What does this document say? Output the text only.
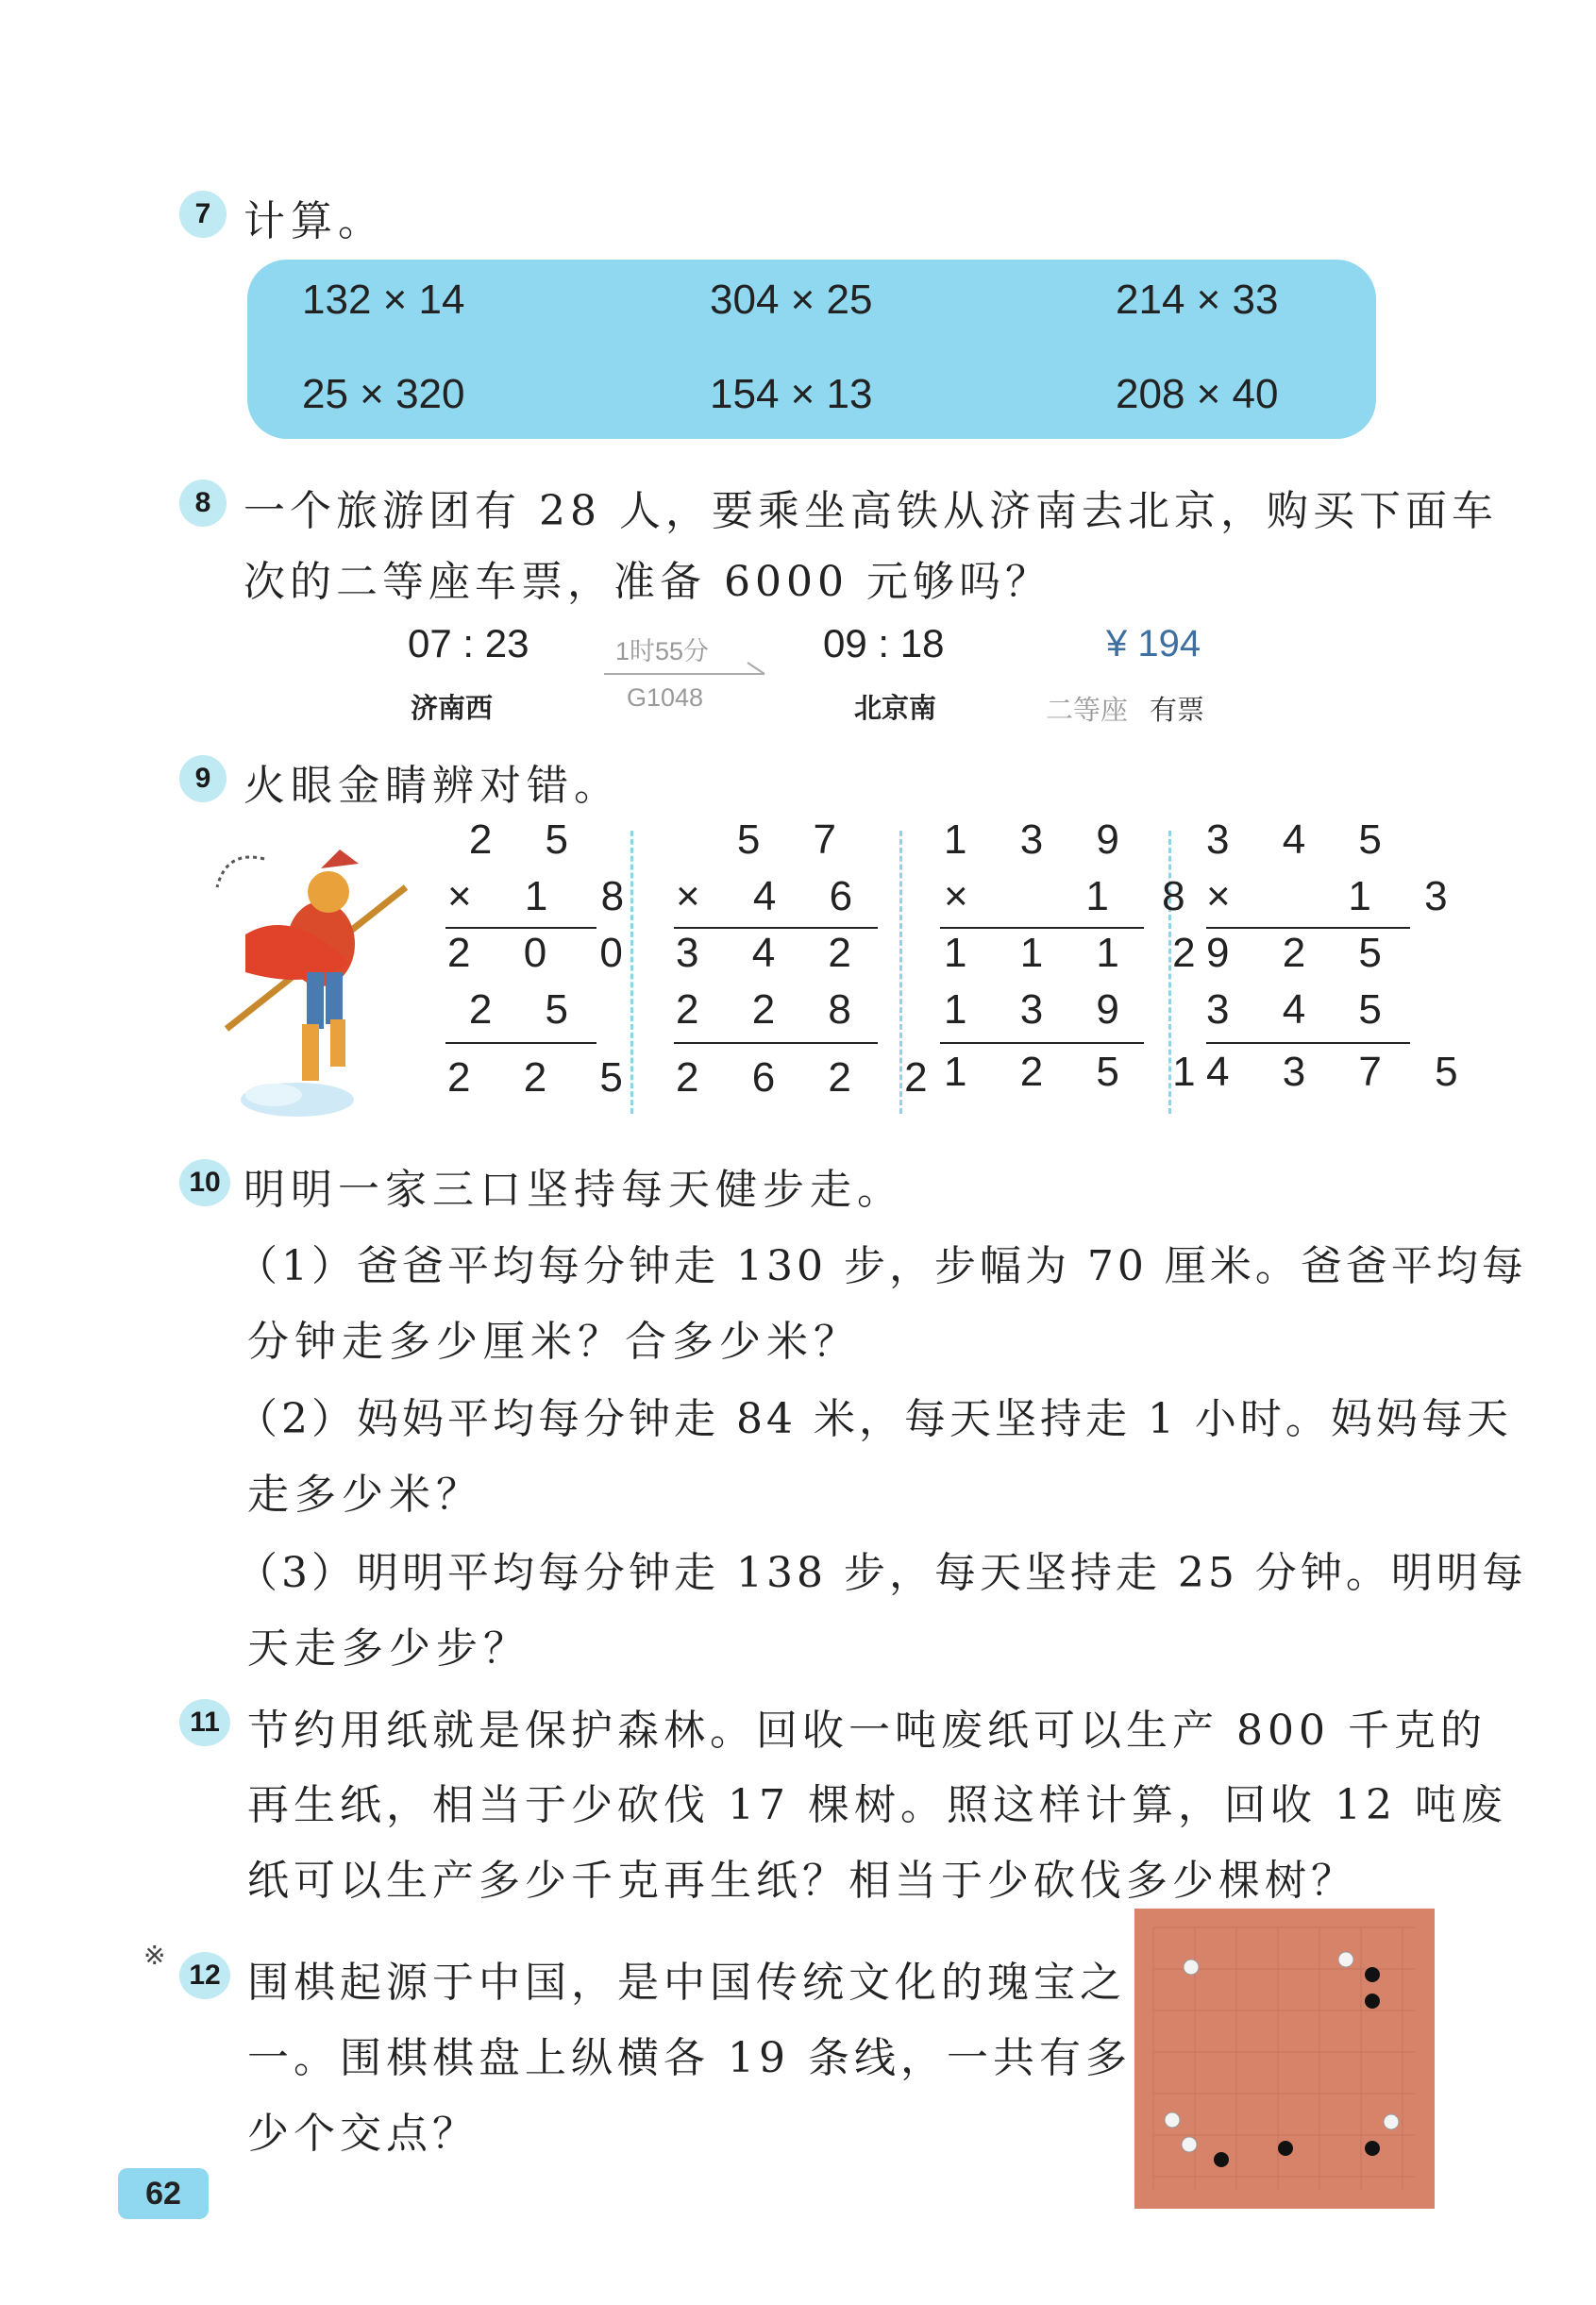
7 计算。
132 × 14	304 × 25	214 × 33
25 × 320	154 × 13	208 × 40
8 一个旅游团有 28 人，要乘坐高铁从济南去北京，购买下面车
次的二等座车票，准备 6000 元够吗？
07 : 23	1时55分
G1048
09 : 18	¥ 194
济南西	北京南	二等座 有票
9 火眼金睛辨对错。
2 5
× 1 8
2 0 0
2 5
2 2 5
5 7
× 4 6
3 4 2
2 2 8
2 6 2 2
1 3 9
×   1 8
1 1 1 2
1 3 9
1 2 5 1
3 4 5
×   1 3
9 2 5
3 4 5
4 3 7 5
10 明明一家三口坚持每天健步走。
（1）爸爸平均每分钟走 130 步，步幅为 70 厘米。爸爸平均每
分钟走多少厘米？合多少米？
（2）妈妈平均每分钟走 84 米，每天坚持走 1 小时。妈妈每天
走多少米？
（3）明明平均每分钟走 138 步，每天坚持走 25 分钟。明明每
天走多少步？
11 节约用纸就是保护森林。回收一吨废纸可以生产 800 千克的
再生纸，相当于少砍伐 17 棵树。照这样计算，回收 12 吨废
纸可以生产多少千克再生纸？相当于少砍伐多少棵树？
※
12 围棋起源于中国，是中国传统文化的瑰宝之
一。围棋棋盘上纵横各 19 条线，一共有多
少个交点？
62
